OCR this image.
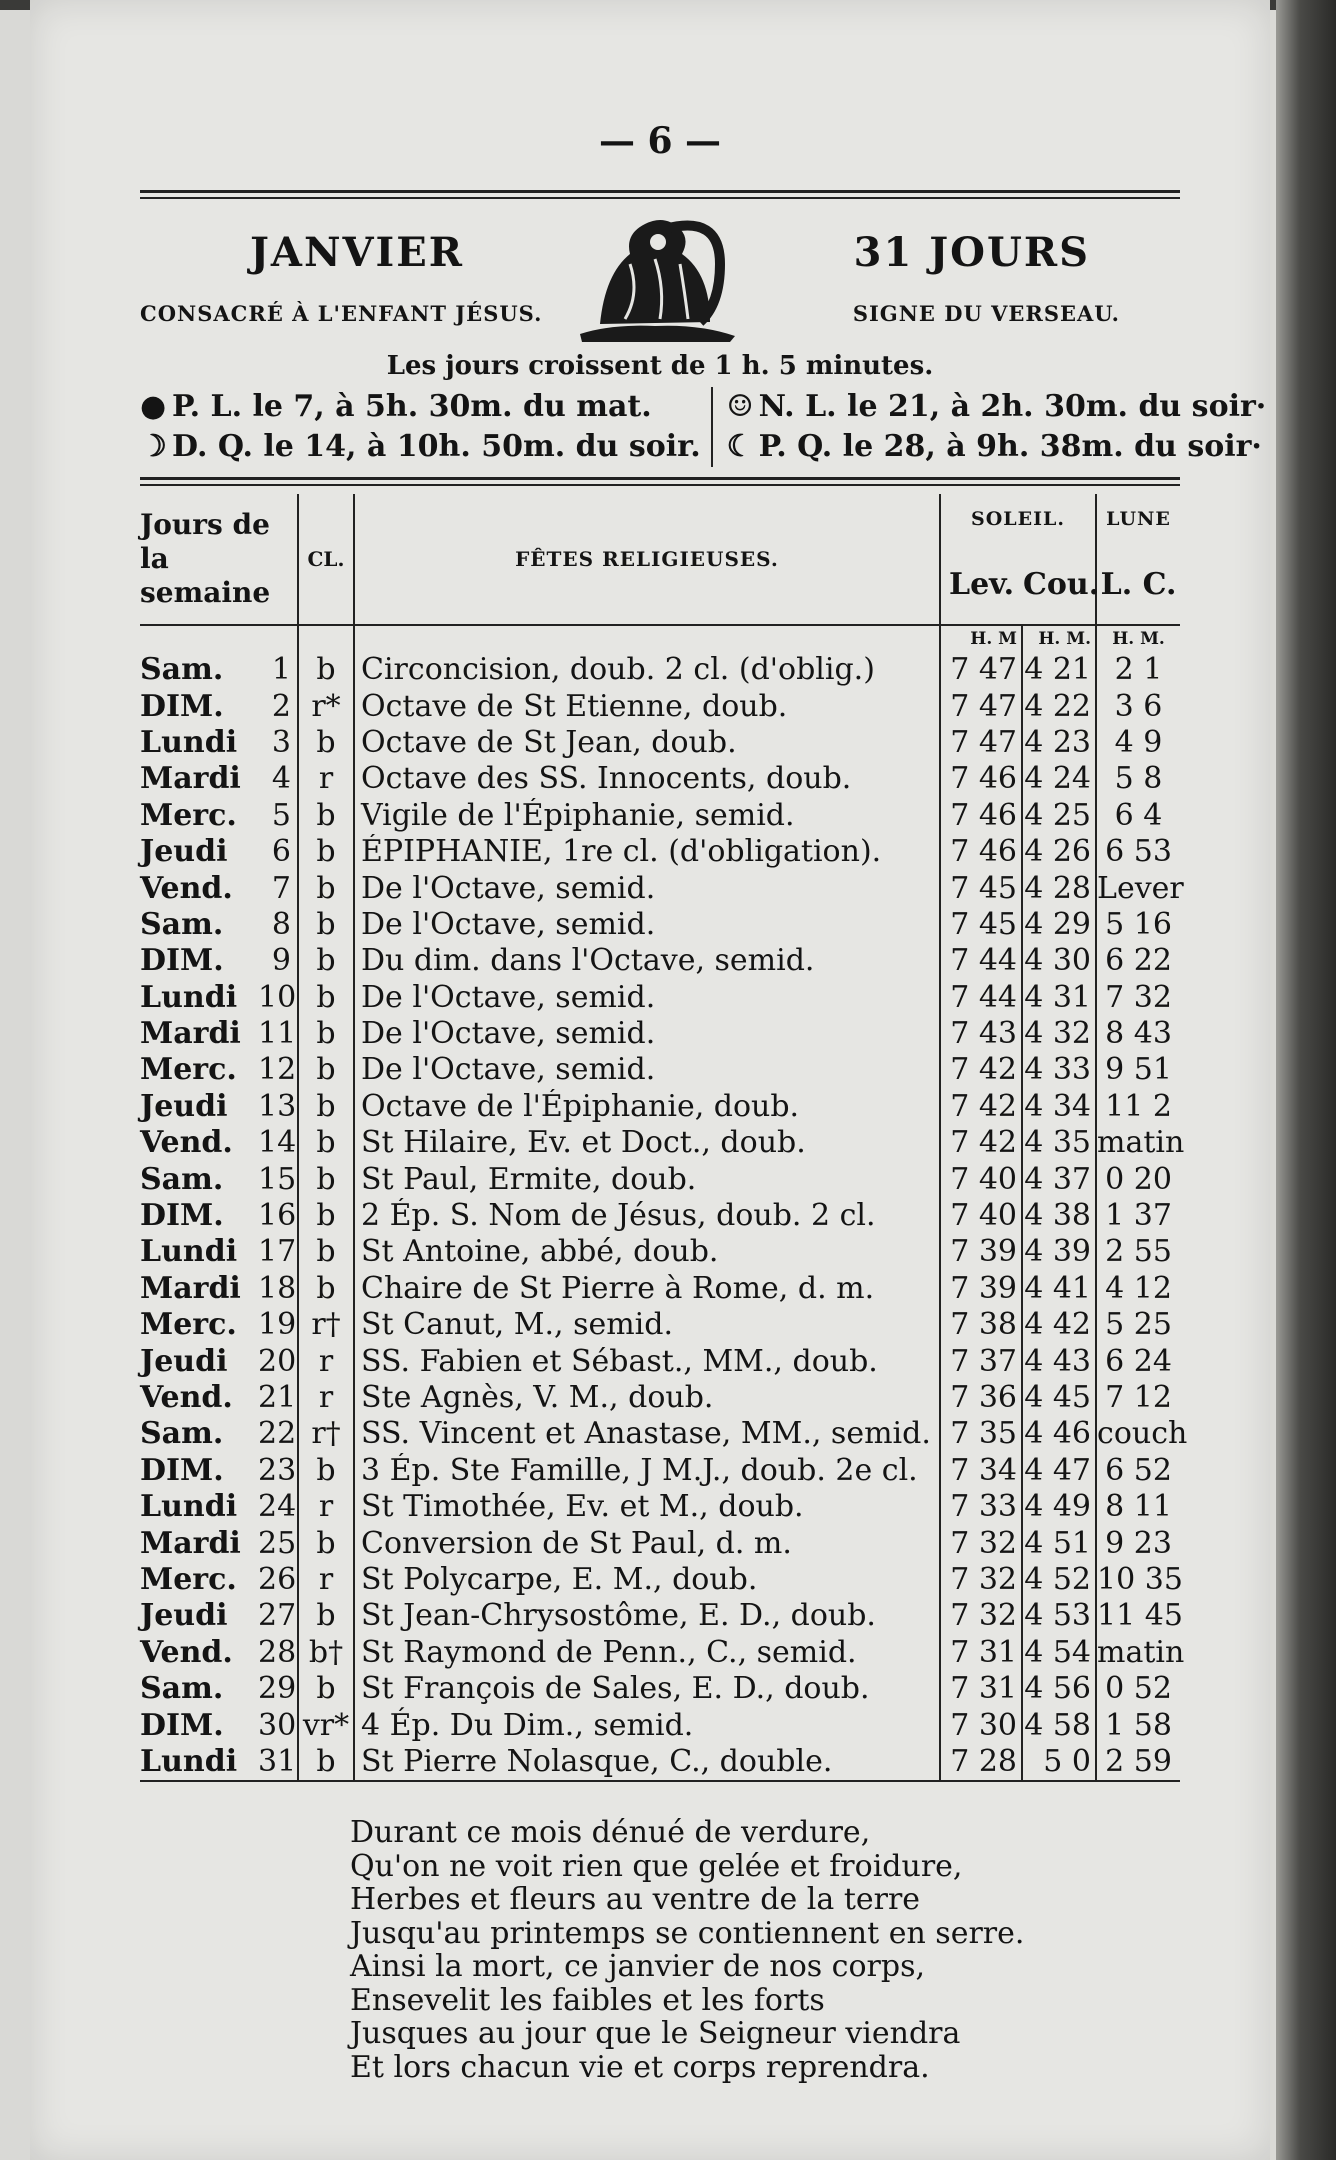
— 6 —
JANVIER	31 JOURS
CONSACRÉ À L'ENFANT JÉSUS.	SIGNE DU VERSEAU.
Les jours croissent de 1 h. 5 minutes.
● P. L. le 7, à 5h. 30m. du mat.
☽ D. Q. le 14, à 10h. 50m. du soir.
☺ N. L. le 21, à 2h. 30m. du soir·
☾ P. Q. le 28, à 9h. 38m. du soir·
Jours de la semaine		CL.	FÊTES RELIGIEUSES.	SOLEIL.		LUNE
				Lev.	Cou.	L. C.
				H. M	H. M.	H. M.
Sam.	1	b	Circoncision, doub. 2 cl. (d'oblig.)	7 47	4 21	2 1
DIM.	2	r*	Octave de St Etienne, doub.	7 47	4 22	3 6
Lundi	3	b	Octave de St Jean, doub.	7 47	4 23	4 9
Mardi	4	r	Octave des SS. Innocents, doub.	7 46	4 24	5 8
Merc.	5	b	Vigile de l'Épiphanie, semid.	7 46	4 25	6 4
Jeudi	6	b	ÉPIPHANIE, 1re cl. (d'obligation).	7 46	4 26	6 53
Vend.	7	b	De l'Octave, semid.	7 45	4 28	Lever
Sam.	8	b	De l'Octave, semid.	7 45	4 29	5 16
DIM.	9	b	Du dim. dans l'Octave, semid.	7 44	4 30	6 22
Lundi	10	b	De l'Octave, semid.	7 44	4 31	7 32
Mardi	11	b	De l'Octave, semid.	7 43	4 32	8 43
Merc.	12	b	De l'Octave, semid.	7 42	4 33	9 51
Jeudi	13	b	Octave de l'Épiphanie, doub.	7 42	4 34	11 2
Vend.	14	b	St Hilaire, Ev. et Doct., doub.	7 42	4 35	matin
Sam.	15	b	St Paul, Ermite, doub.	7 40	4 37	0 20
DIM.	16	b	2 Ép. S. Nom de Jésus, doub. 2 cl.	7 40	4 38	1 37
Lundi	17	b	St Antoine, abbé, doub.	7 39	4 39	2 55
Mardi	18	b	Chaire de St Pierre à Rome, d. m.	7 39	4 41	4 12
Merc.	19	r†	St Canut, M., semid.	7 38	4 42	5 25
Jeudi	20	r	SS. Fabien et Sébast., MM., doub.	7 37	4 43	6 24
Vend.	21	r	Ste Agnès, V. M., doub.	7 36	4 45	7 12
Sam.	22	r†	SS. Vincent et Anastase, MM., semid.	7 35	4 46	couch
DIM.	23	b	3 Ép. Ste Famille, J M.J., doub. 2e cl.	7 34	4 47	6 52
Lundi	24	r	St Timothée, Ev. et M., doub.	7 33	4 49	8 11
Mardi	25	b	Conversion de St Paul, d. m.	7 32	4 51	9 23
Merc.	26	r	St Polycarpe, E. M., doub.	7 32	4 52	10 35
Jeudi	27	b	St Jean-Chrysostôme, E. D., doub.	7 32	4 53	11 45
Vend.	28	b†	St Raymond de Penn., C., semid.	7 31	4 54	matin
Sam.	29	b	St François de Sales, E. D., doub.	7 31	4 56	0 52
DIM.	30	vr*	4 Ép. Du Dim., semid.	7 30	4 58	1 58
Lundi	31	b	St Pierre Nolasque, C., double.	7 28	5 0	2 59

Durant ce mois dénué de verdure,
Qu'on ne voit rien que gelée et froidure,
Herbes et fleurs au ventre de la terre
Jusqu'au printemps se contiennent en serre.
Ainsi la mort, ce janvier de nos corps,
Ensevelit les faibles et les forts
Jusques au jour que le Seigneur viendra
Et lors chacun vie et corps reprendra.
